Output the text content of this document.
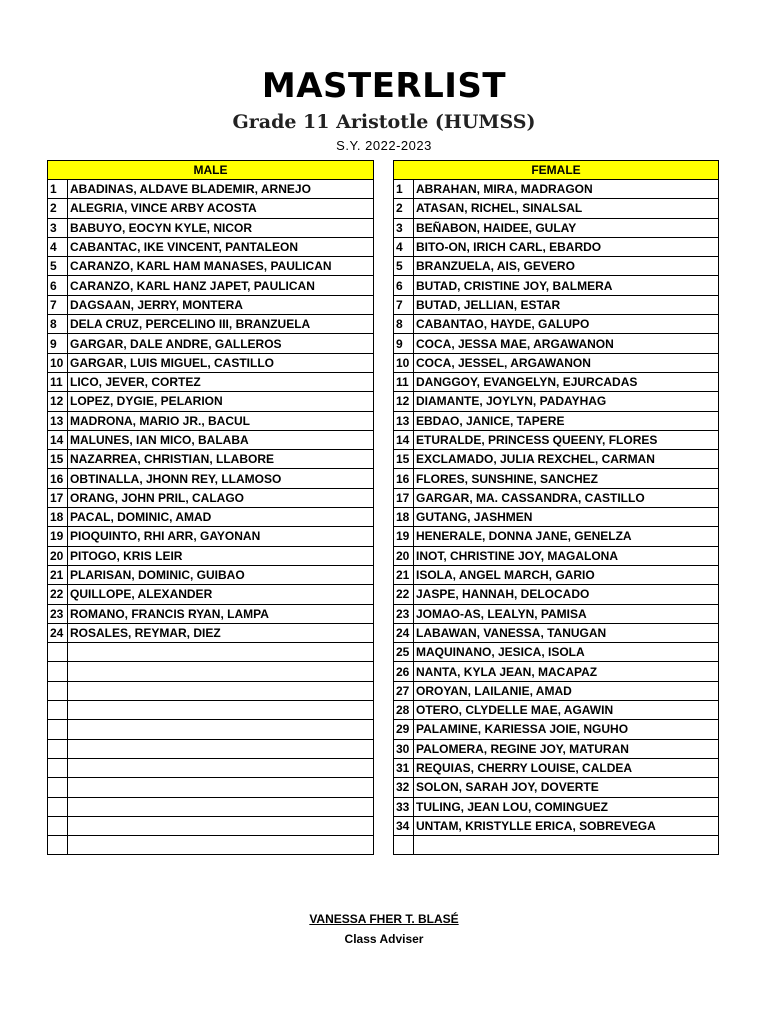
MASTERLIST
Grade 11 Aristotle (HUMSS)
S.Y. 2022-2023
MALE	
1	ABADINAS, ALDAVE BLADEMIR, ARNEJO
2	ALEGRIA, VINCE ARBY ACOSTA
3	BABUYO, EOCYN KYLE, NICOR
4	CABANTAC, IKE VINCENT, PANTALEON
5	CARANZO, KARL HAM MANASES, PAULICAN
6	CARANZO, KARL HANZ JAPET, PAULICAN
7	DAGSAAN, JERRY, MONTERA
8	DELA CRUZ, PERCELINO III, BRANZUELA
9	GARGAR, DALE ANDRE, GALLEROS
10	GARGAR, LUIS MIGUEL, CASTILLO
11	LICO, JEVER, CORTEZ
12	LOPEZ, DYGIE, PELARION
13	MADRONA, MARIO JR., BACUL
14	MALUNES, IAN MICO, BALABA
15	NAZARREA, CHRISTIAN, LLABORE
16	OBTINALLA, JHONN REY, LLAMOSO
17	ORANG, JOHN PRIL, CALAGO
18	PACAL, DOMINIC, AMAD
19	PIOQUINTO, RHI ARR, GAYONAN
20	PITOGO, KRIS LEIR
21	PLARISAN, DOMINIC, GUIBAO
22	QUILLOPE, ALEXANDER
23	ROMANO, FRANCIS RYAN, LAMPA
24	ROSALES, REYMAR, DIEZ

FEMALE	
1	ABRAHAN, MIRA, MADRAGON
2	ATASAN, RICHEL, SINALSAL
3	BEÑABON, HAIDEE, GULAY
4	BITO-ON, IRICH CARL, EBARDO
5	BRANZUELA, AIS, GEVERO
6	BUTAD, CRISTINE JOY, BALMERA
7	BUTAD, JELLIAN, ESTAR
8	CABANTAO, HAYDE, GALUPO
9	COCA, JESSA MAE, ARGAWANON
10	COCA, JESSEL, ARGAWANON
11	DANGGOY, EVANGELYN, EJURCADAS
12	DIAMANTE, JOYLYN, PADAYHAG
13	EBDAO, JANICE, TAPERE
14	ETURALDE, PRINCESS QUEENY, FLORES
15	EXCLAMADO, JULIA REXCHEL, CARMAN
16	FLORES, SUNSHINE, SANCHEZ
17	GARGAR, MA. CASSANDRA, CASTILLO
18	GUTANG, JASHMEN
19	HENERALE, DONNA JANE, GENELZA
20	INOT, CHRISTINE JOY, MAGALONA
21	ISOLA, ANGEL MARCH, GARIO
22	JASPE, HANNAH, DELOCADO
23	JOMAO-AS, LEALYN, PAMISA
24	LABAWAN, VANESSA, TANUGAN
25	MAQUINANO, JESICA, ISOLA
26	NANTA, KYLA JEAN, MACAPAZ
27	OROYAN, LAILANIE, AMAD
28	OTERO, CLYDELLE MAE, AGAWIN
29	PALAMINE, KARIESSA JOIE, NGUHO
30	PALOMERA, REGINE JOY, MATURAN
31	REQUIAS, CHERRY LOUISE, CALDEA
32	SOLON, SARAH JOY, DOVERTE
33	TULING, JEAN LOU, COMINGUEZ
34	UNTAM, KRISTYLLE ERICA, SOBREVEGA

VANESSA FHER T. BLASÉ
Class Adviser
